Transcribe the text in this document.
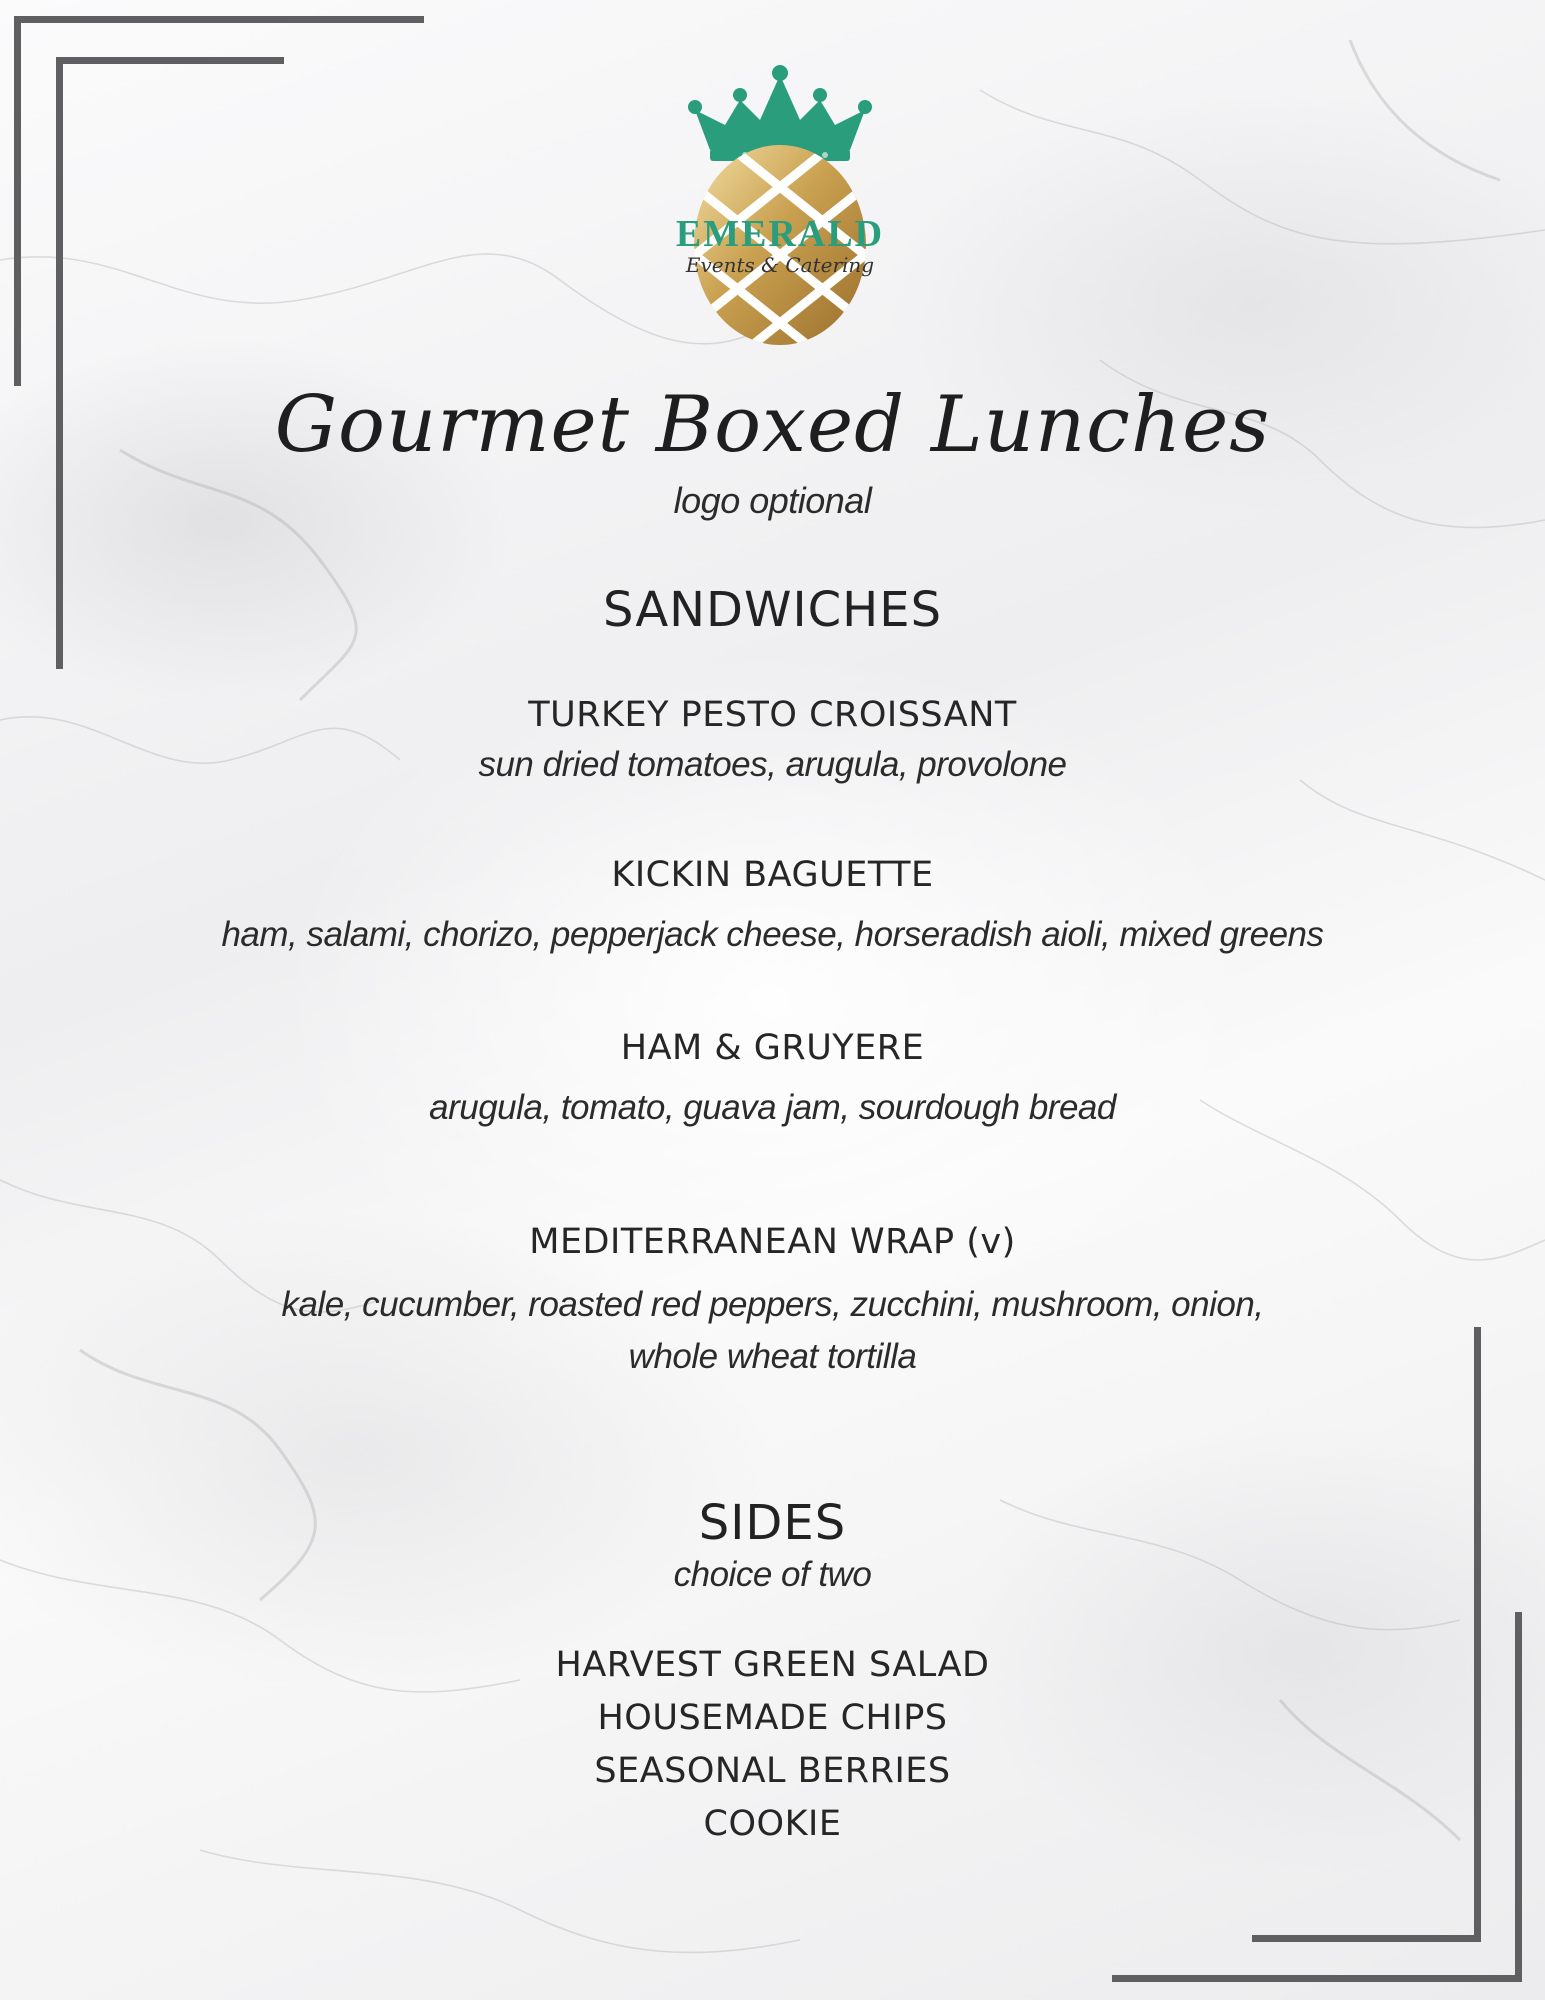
EMERALD
Events & Catering
Gourmet Boxed Lunches
logo optional
SANDWICHES
TURKEY PESTO CROISSANT
sun dried tomatoes, arugula, provolone
KICKIN BAGUETTE
ham, salami, chorizo, pepperjack cheese, horseradish aioli, mixed greens
HAM & GRUYERE
arugula, tomato, guava jam, sourdough bread
MEDITERRANEAN WRAP (v)
kale, cucumber, roasted red peppers, zucchini, mushroom, onion,
whole wheat tortilla
SIDES
choice of two
HARVEST GREEN SALAD
HOUSEMADE CHIPS
SEASONAL BERRIES
COOKIE
